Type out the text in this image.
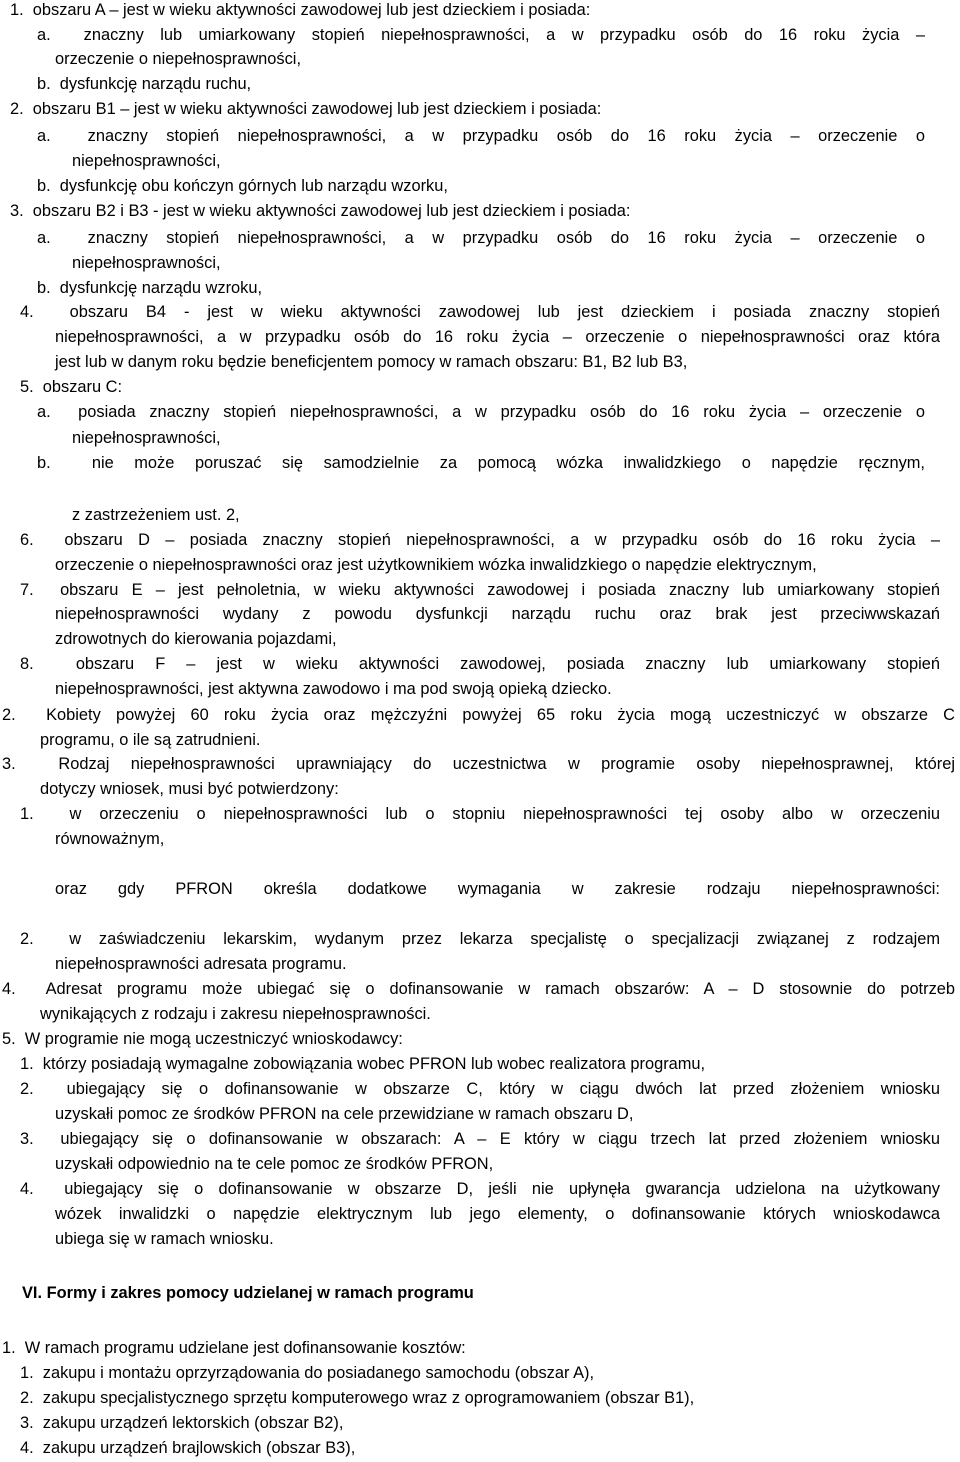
1.  obszaru A – jest w wieku aktywności zawodowej lub jest dzieckiem i posiada:
a.  znaczny lub umiarkowany stopień niepełnosprawności, a w przypadku osób do 16 roku życia –
orzeczenie o niepełnosprawności,
b.  dysfunkcję narządu ruchu,
2.  obszaru B1 – jest w wieku aktywności zawodowej lub jest dzieckiem i posiada:
a.  znaczny stopień niepełnosprawności, a w przypadku osób do 16 roku życia – orzeczenie o
niepełnosprawności,
b.  dysfunkcję obu kończyn górnych lub narządu wzorku,
3.  obszaru B2 i B3 - jest w wieku aktywności zawodowej lub jest dzieckiem i posiada:
a.  znaczny stopień niepełnosprawności, a w przypadku osób do 16 roku życia – orzeczenie o
niepełnosprawności,
b.  dysfunkcję narządu wzroku,
4.  obszaru B4 - jest w wieku aktywności zawodowej lub jest dzieckiem i posiada znaczny stopień
niepełnosprawności, a w przypadku osób do 16 roku życia – orzeczenie o niepełnosprawności oraz która
jest lub w danym roku będzie beneficjentem pomocy w ramach obszaru: B1, B2 lub B3,
5.  obszaru C:
a.  posiada znaczny stopień niepełnosprawności, a w przypadku osób do 16 roku życia – orzeczenie o
niepełnosprawności,
b.  nie może poruszać się samodzielnie za pomocą wózka inwalidzkiego o napędzie ręcznym,
z zastrzeżeniem ust. 2,
6.  obszaru D – posiada znaczny stopień niepełnosprawności, a w przypadku osób do 16 roku życia –
orzeczenie o niepełnosprawności oraz jest użytkownikiem wózka inwalidzkiego o napędzie elektrycznym,
7.  obszaru E – jest pełnoletnia, w wieku aktywności zawodowej i posiada znaczny lub umiarkowany stopień
niepełnosprawności wydany z powodu dysfunkcji narządu ruchu oraz brak jest przeciwwskazań
zdrowotnych do kierowania pojazdami,
8.  obszaru F – jest w wieku aktywności zawodowej, posiada znaczny lub umiarkowany stopień
niepełnosprawności, jest aktywna zawodowo i ma pod swoją opieką dziecko.
2.  Kobiety powyżej 60 roku życia oraz mężczyźni powyżej 65 roku życia mogą uczestniczyć w obszarze C
programu, o ile są zatrudnieni.
3.  Rodzaj niepełnosprawności uprawniający do uczestnictwa w programie osoby niepełnosprawnej, której
dotyczy wniosek, musi być potwierdzony:
1.  w orzeczeniu o niepełnosprawności lub o stopniu niepełnosprawności tej osoby albo w orzeczeniu
równoważnym,
oraz gdy PFRON określa dodatkowe wymagania w zakresie rodzaju niepełnosprawności:
2.  w zaświadczeniu lekarskim, wydanym przez lekarza specjalistę o specjalizacji związanej z rodzajem
niepełnosprawności adresata programu.
4.  Adresat programu może ubiegać się o dofinansowanie w ramach obszarów: A – D stosownie do potrzeb
wynikających z rodzaju i zakresu niepełnosprawności.
5.  W programie nie mogą uczestniczyć wnioskodawcy:
1.  którzy posiadają wymagalne zobowiązania wobec PFRON lub wobec realizatora programu,
2.  ubiegający się o dofinansowanie w obszarze C, który w ciągu dwóch lat przed złożeniem wniosku
uzyskałi pomoc ze środków PFRON na cele przewidziane w ramach obszaru D,
3.  ubiegający się o dofinansowanie w obszarach: A – E który w ciągu trzech lat przed złożeniem wniosku
uzyskałi odpowiednio na te cele pomoc ze środków PFRON,
4.  ubiegający się o dofinansowanie w obszarze D, jeśli nie upłynęła gwarancja udzielona na użytkowany
wózek inwalidzki o napędzie elektrycznym lub jego elementy, o dofinansowanie których wnioskodawca
ubiega się w ramach wniosku.
VI. Formy i zakres pomocy udzielanej w ramach programu
1.  W ramach programu udzielane jest dofinansowanie kosztów:
1.  zakupu i montażu oprzyrządowania do posiadanego samochodu (obszar A),
2.  zakupu specjalistycznego sprzętu komputerowego wraz z oprogramowaniem (obszar B1),
3.  zakupu urządzeń lektorskich (obszar B2),
4.  zakupu urządzeń brajlowskich (obszar B3),
